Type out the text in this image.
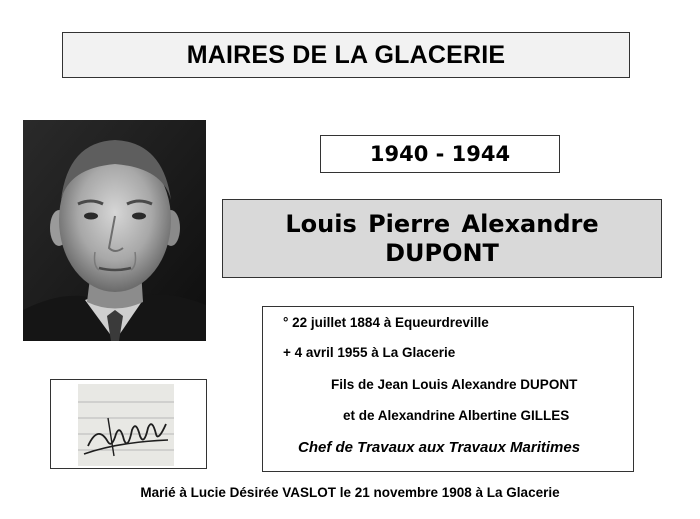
MAIRES DE LA GLACERIE
1940 - 1944
Louis Pierre Alexandre
DUPONT
° 22 juillet 1884 à Equeurdreville
+ 4 avril 1955 à La Glacerie
Fils de Jean Louis Alexandre DUPONT
et de Alexandrine Albertine GILLES
Chef de Travaux aux Travaux Maritimes
Marié à Lucie Désirée VASLOT le 21 novembre 1908 à La Glacerie
